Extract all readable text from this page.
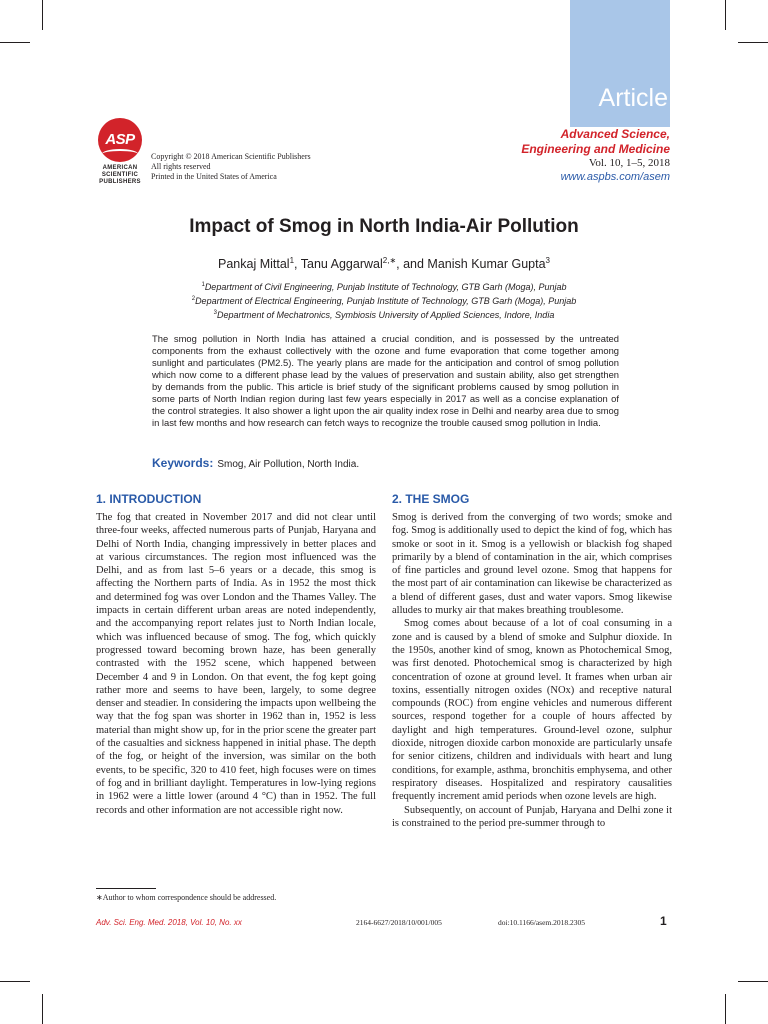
Article
Advanced Science,
Engineering and Medicine
Vol. 10, 1–5, 2018
www.aspbs.com/asem
ASP
AMERICAN
SCIENTIFIC
PUBLISHERS
Copyright © 2018 American Scientific Publishers
All rights reserved
Printed in the United States of America
Impact of Smog in North India-Air Pollution
Pankaj Mittal$^1$, Tanu Aggarwal$^{2,∗}$, and Manish Kumar Gupta$^3$
$^1$Department of Civil Engineering, Punjab Institute of Technology, GTB Garh (Moga), Punjab
$^2$Department of Electrical Engineering, Punjab Institute of Technology, GTB Garh (Moga), Punjab
$^3$Department of Mechatronics, Symbiosis University of Applied Sciences, Indore, India

The smog pollution in North India has attained a crucial condition, and is possessed by the untreated components from the exhaust collectively with the ozone and fume evaporation that come together among sunlight and particulates (PM2.5). The yearly plans are made for the anticipation and control of smog pollution which now come to a different phase lead by the values of preservation and sustain ability, also get strengthen by demands from the public. This article is brief study of the significant problems caused by smog pollution in some parts of North Indian region during last few years especially in 2017 as well as a concise explanation of the control strategies. It also shower a light upon the air quality index rose in Delhi and nearby area due to smog in last few months and how research can fetch ways to recognize the trouble caused smog pollution in India.

Keywords: Smog, Air Pollution, North India.
1. INTRODUCTION

The fog that created in November 2017 and did not clear until three-four weeks, affected numerous parts of Punjab, Haryana and Delhi of North India, changing impressively in better places and at various circumstances. The region most influenced was the Delhi, and as from last 5–6 years or a decade, this smog is affecting the Northern parts of India. As in 1952 the most thick and determined fog was over London and the Thames Valley. The impacts in certain different urban areas are noted independently, and the accompanying report relates just to North Indian locale, which was influenced because of smog. The fog, which quickly progressed toward becoming brown haze, has been generally contrasted with the 1952 scene, which happened between December 4 and 9 in London. On that event, the fog kept going rather more and seems to have been, largely, to some degree denser and steadier. In considering the impacts upon wellbeing the way that the fog span was shorter in 1962 than in, 1952 is less material than might show up, for in the prior scene the greater part of the casualties and sickness happened in initial phase. The depth of the fog, or height of the inversion, was similar on the both events, to be specific, 320 to 410 feet, high focuses were on times of fog and in brilliant daylight. Temperatures in low-lying regions in 1962 were a little lower (around 4 °C) than in 1952. The full records and other information are not accessible right now.

2. THE SMOG

Smog is derived from the converging of two words; smoke and fog. Smog is additionally used to depict the kind of fog, which has smoke or soot in it. Smog is a yellowish or blackish fog shaped primarily by a blend of contamination in the air, which comprises of fine particles and ground level ozone. Smog that happens for the most part of air contamination can likewise be characterized as a blend of different gases, dust and water vapors. Smog likewise alludes to murky air that makes breathing troublesome.

Smog comes about because of a lot of coal consuming in a zone and is caused by a blend of smoke and Sulphur dioxide. In the 1950s, another kind of smog, known as Photochemical Smog, was first denoted. Photochemical smog is characterized by high concentration of ozone at ground level. It frames when urban air toxins, essentially nitrogen oxides (NOx) and receptive natural compounds (ROC) from engine vehicles and numerous different sources, respond together for a couple of hours affected by daylight and high temperatures. Ground-level ozone, sulphur dioxide, nitrogen dioxide carbon monoxide are particularly unsafe for senior citizens, children and individuals with heart and lung conditions, for example, asthma, bronchitis emphysema, and other respiratory diseases. Hospitalized and respiratory causalities frequently increment amid periods when ozone levels are high.

Subsequently, on account of Punjab, Haryana and Delhi zone it is constrained to the period pre-summer through to

∗Author to whom correspondence should be addressed.
Adv. Sci. Eng. Med. 2018, Vol. 10, No. xx	2164-6627/2018/10/001/005	doi:10.1166/asem.2018.2305	1
